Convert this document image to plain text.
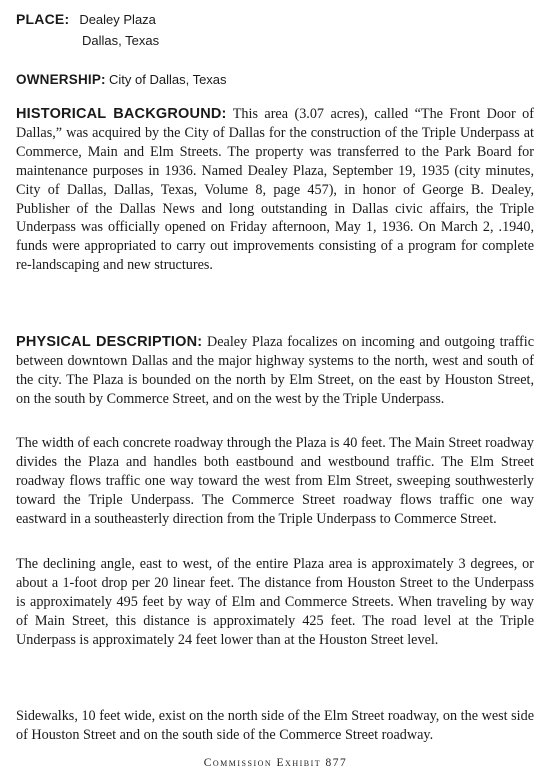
PLACE: Dealey Plaza
Dallas, Texas
OWNERSHIP: City of Dallas, Texas
HISTORICAL BACKGROUND: This area (3.07 acres), called “The Front Door of Dallas,” was acquired by the City of Dallas for the construction of the Triple Underpass at Commerce, Main and Elm Streets. The property was transferred to the Park Board for maintenance purposes in 1936. Named Dealey Plaza, September 19, 1935 (city minutes, City of Dallas, Dallas, Texas, Volume 8, page 457), in honor of George B. Dealey, Publisher of the Dallas News and long outstanding in Dallas civic affairs, the Triple Underpass was officially opened on Friday afternoon, May 1, 1936. On March 2, .1940, funds were appropriated to carry out improvements consisting of a program for complete re-landscaping and new structures.
PHYSICAL DESCRIPTION: Dealey Plaza focalizes on incoming and outgoing traffic between downtown Dallas and the major highway systems to the north, west and south of the city. The Plaza is bounded on the north by Elm Street, on the east by Houston Street, on the south by Commerce Street, and on the west by the Triple Underpass.
The width of each concrete roadway through the Plaza is 40 feet. The Main Street roadway divides the Plaza and handles both eastbound and westbound traffic. The Elm Street roadway flows traffic one way toward the west from Elm Street, sweeping southwesterly toward the Triple Underpass. The Commerce Street roadway flows traffic one way eastward in a southeasterly direction from the Triple Underpass to Commerce Street.
The declining angle, east to west, of the entire Plaza area is approximately 3 degrees, or about a 1-foot drop per 20 linear feet. The distance from Houston Street to the Underpass is approximately 495 feet by way of Elm and Commerce Streets. When traveling by way of Main Street, this distance is approximately 425 feet. The road level at the Triple Underpass is approximately 24 feet lower than at the Houston Street level.
Sidewalks, 10 feet wide, exist on the north side of the Elm Street roadway, on the west side of Houston Street and on the south side of the Commerce Street roadway.
Commission Exhibit 877
